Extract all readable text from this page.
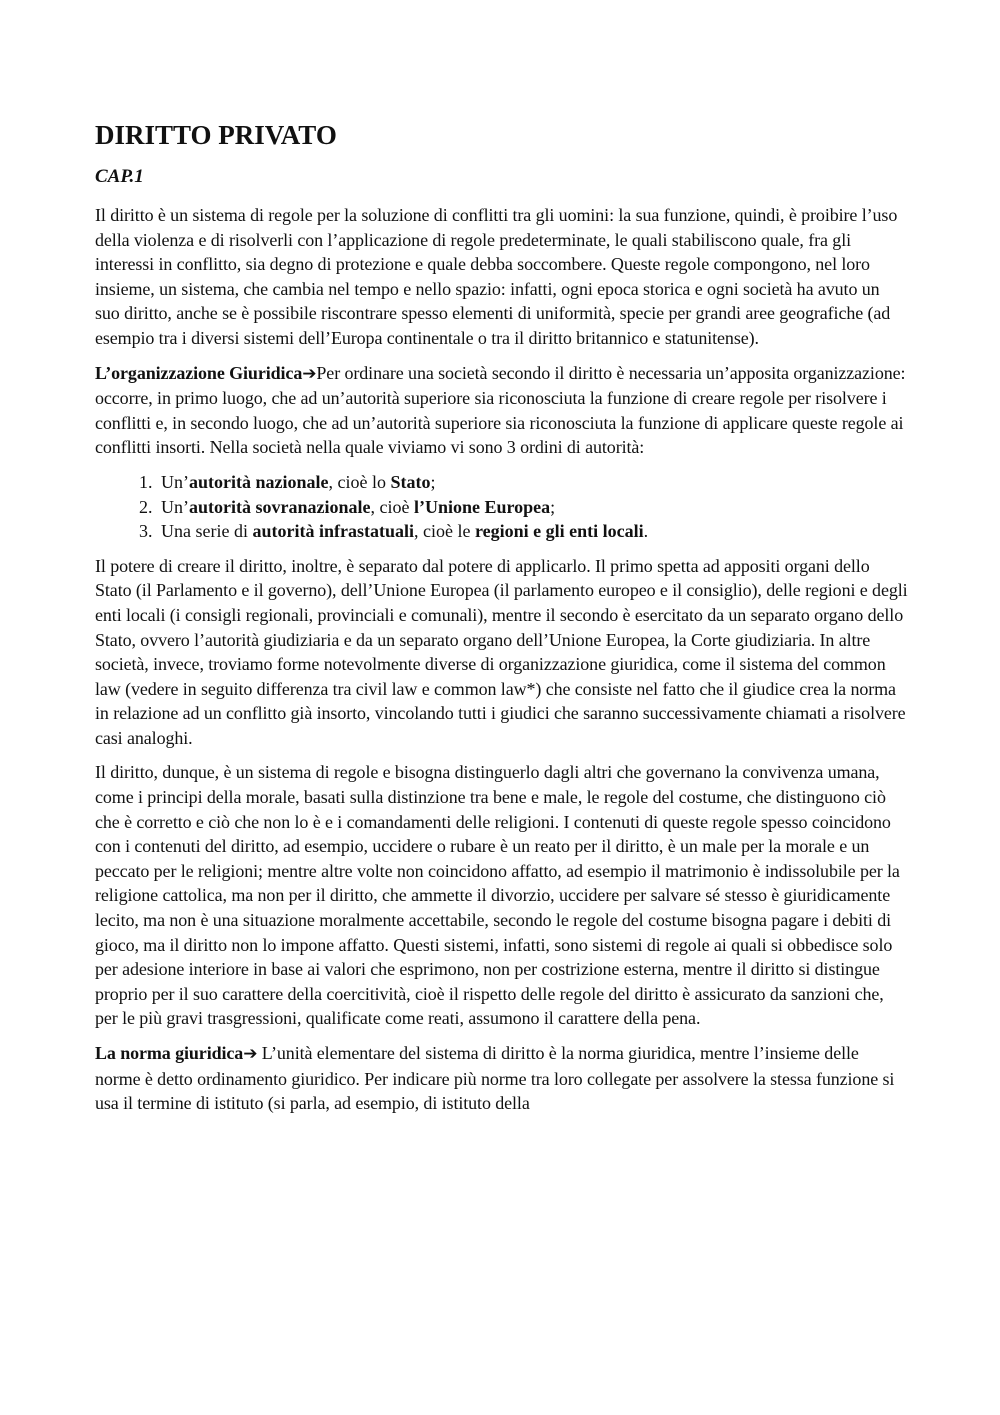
DIRITTO PRIVATO
CAP.1

Il diritto è un sistema di regole per la soluzione di conflitti tra gli uomini: la sua funzione, quindi, è proibire l’uso della violenza e di risolverli con l’applicazione di regole predeterminate, le quali stabiliscono quale, fra gli interessi in conflitto, sia degno di protezione e quale debba soccombere. Queste regole compongono, nel loro insieme, un sistema, che cambia nel tempo e nello spazio: infatti, ogni epoca storica e ogni società ha avuto un suo diritto, anche se è possibile riscontrare spesso elementi di uniformità, specie per grandi aree geografiche (ad esempio tra i diversi sistemi dell’Europa continentale o tra il diritto britannico e statunitense).

L’organizzazione Giuridica➔Per ordinare una società secondo il diritto è necessaria un’apposita organizzazione: occorre, in primo luogo, che ad un’autorità superiore sia riconosciuta la funzione di creare regole per risolvere i conflitti e, in secondo luogo, che ad un’autorità superiore sia riconosciuta la funzione di applicare queste regole ai conflitti insorti. Nella società nella quale viviamo vi sono 3 ordini di autorità:

1. Un’autorità nazionale, cioè lo Stato;
2. Un’autorità sovranazionale, cioè l’Unione Europea;
3. Una serie di autorità infrastatuali, cioè le regioni e gli enti locali.

Il potere di creare il diritto, inoltre, è separato dal potere di applicarlo. Il primo spetta ad appositi organi dello Stato (il Parlamento e il governo), dell’Unione Europea (il parlamento europeo e il consiglio), delle regioni e degli enti locali (i consigli regionali, provinciali e comunali), mentre il secondo è esercitato da un separato organo dello Stato, ovvero l’autorità giudiziaria e da un separato organo dell’Unione Europea, la Corte giudiziaria. In altre società, invece, troviamo forme notevolmente diverse di organizzazione giuridica, come il sistema del common law (vedere in seguito differenza tra civil law e common law*) che consiste nel fatto che il giudice crea la norma in relazione ad un conflitto già insorto, vincolando tutti i giudici che saranno successivamente chiamati a risolvere casi analoghi.

Il diritto, dunque, è un sistema di regole e bisogna distinguerlo dagli altri che governano la convivenza umana, come i principi della morale, basati sulla distinzione tra bene e male, le regole del costume, che distinguono ciò che è corretto e ciò che non lo è e i comandamenti delle religioni. I contenuti di queste regole spesso coincidono con i contenuti del diritto, ad esempio, uccidere o rubare è un reato per il diritto, è un male per la morale e un peccato per le religioni; mentre altre volte non coincidono affatto, ad esempio il matrimonio è indissolubile per la religione cattolica, ma non per il diritto, che ammette il divorzio, uccidere per salvare sé stesso è giuridicamente lecito, ma non è una situazione moralmente accettabile, secondo le regole del costume bisogna pagare i debiti di gioco, ma il diritto non lo impone affatto. Questi sistemi, infatti, sono sistemi di regole ai quali si obbedisce solo per adesione interiore in base ai valori che esprimono, non per costrizione esterna, mentre il diritto si distingue proprio per il suo carattere della coercitività, cioè il rispetto delle regole del diritto è assicurato da sanzioni che, per le più gravi trasgressioni, qualificate come reati, assumono il carattere della pena.

La norma giuridica➔ L’unità elementare del sistema di diritto è la norma giuridica, mentre l’insieme delle norme è detto ordinamento giuridico. Per indicare più norme tra loro collegate per assolvere la stessa funzione si usa il termine di istituto (si parla, ad esempio, di istituto della
